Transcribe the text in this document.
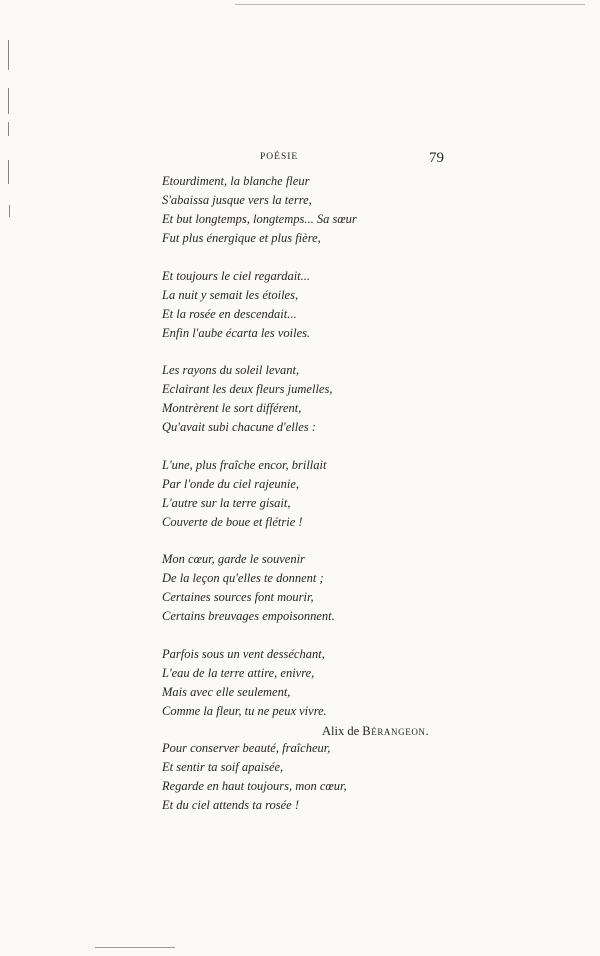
POÉSIE	79
Etourdiment, la blanche fleur
S'abaissa jusque vers la terre,
Et but longtemps, longtemps... Sa sœur
Fut plus énergique et plus fière,
Et toujours le ciel regardait...
La nuit y semait les étoiles,
Et la rosée en descendait...
Enfin l'aube écarta les voiles.
Les rayons du soleil levant,
Eclairant les deux fleurs jumelles,
Montrèrent le sort différent,
Qu'avait subi chacune d'elles :
L'une, plus fraîche encor, brillait
Par l'onde du ciel rajeunie,
L'autre sur la terre gisait,
Couverte de boue et flétrie !
Mon cœur, garde le souvenir
De la leçon qu'elles te donnent ;
Certaines sources font mourir,
Certains breuvages empoisonnent.
Parfois sous un vent desséchant,
L'eau de la terre attire, enivre,
Mais avec elle seulement,
Comme la fleur, tu ne peux vivre.
Pour conserver beauté, fraîcheur,
Et sentir ta soif apaisée,
Regarde en haut toujours, mon cœur,
Et du ciel attends ta rosée !
Alix de Bérangeon.
